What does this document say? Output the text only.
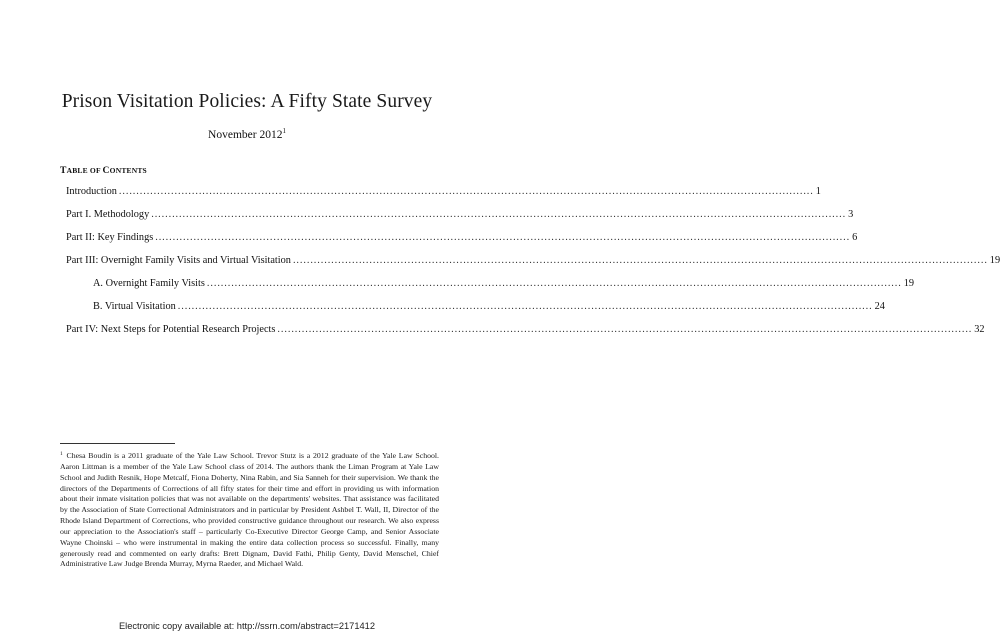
Prison Visitation Policies: A Fifty State Survey
November 2012$^1$
TABLE OF CONTENTS
Introduction ........................................................................................................................................................................................................ 1
Part I. Methodology ........................................................................................................................................................................................................ 3
Part II: Key Findings ........................................................................................................................................................................................................ 6
Part III: Overnight Family Visits and Virtual Visitation ........................................................................................................................................................................................................ 19
A. Overnight Family Visits ........................................................................................................................................................................................................ 19
B. Virtual Visitation ........................................................................................................................................................................................................ 24
Part IV: Next Steps for Potential Research Projects ........................................................................................................................................................................................................ 32
$^1$ Chesa Boudin is a 2011 graduate of the Yale Law School. Trevor Stutz is a 2012 graduate of the Yale Law School. Aaron Littman is a member of the Yale Law School class of 2014. The authors thank the Liman Program at Yale Law School and Judith Resnik, Hope Metcalf, Fiona Doherty, Nina Rabin, and Sia Sanneh for their supervision. We thank the directors of the Departments of Corrections of all fifty states for their time and effort in providing us with information about their inmate visitation policies that was not available on the departments' websites. That assistance was facilitated by the Association of State Correctional Administrators and in particular by President Ashbel T. Wall, II, Director of the Rhode Island Department of Corrections, who provided constructive guidance throughout our research. We also express our appreciation to the Association's staff – particularly Co-Executive Director George Camp, and Senior Associate Wayne Choinski – who were instrumental in making the entire data collection process so successful. Finally, many generously read and commented on early drafts: Brett Dignam, David Fathi, Philip Genty, David Menschel, Chief Administrative Law Judge Brenda Murray, Myrna Raeder, and Michael Wald.
Electronic copy available at: http://ssrn.com/abstract=2171412
